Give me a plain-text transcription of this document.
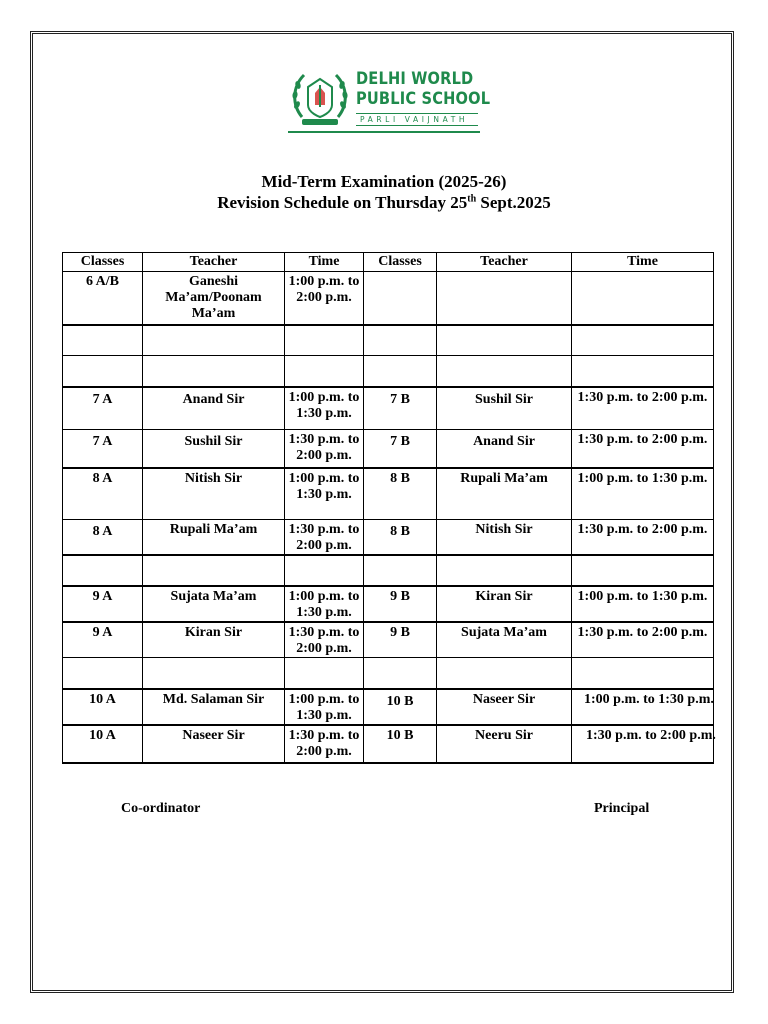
DELHI WORLD
PUBLIC SCHOOL
PARLI VAIJNATH
Mid-Term Examination (2025-26)
Revision Schedule on Thursday 25th Sept.2025
Classes	Teacher	Time	Classes	Teacher	Time
6 A/B	Ganeshi Ma’am/Poonam Ma’am	1:00 p.m. to 2:00 p.m.			

7 A	Anand Sir	1:00 p.m. to 1:30 p.m.	7 B	Sushil Sir	1:30 p.m. to 2:00 p.m.
7 A	Sushil Sir	1:30 p.m. to 2:00 p.m.	7 B	Anand Sir	1:30 p.m. to 2:00 p.m.
8 A	Nitish Sir	1:00 p.m. to 1:30 p.m.	8 B	Rupali Ma’am	1:00 p.m. to 1:30 p.m.
8 A	Rupali Ma’am	1:30 p.m. to 2:00 p.m.	8 B	Nitish Sir	1:30 p.m. to 2:00 p.m.

9 A	Sujata Ma’am	1:00 p.m. to 1:30 p.m.	9 B	Kiran Sir	1:00 p.m. to 1:30 p.m.
9 A	Kiran Sir	1:30 p.m. to 2:00 p.m.	9 B	Sujata Ma’am	1:30 p.m. to 2:00 p.m.

10 A	Md. Salaman Sir	1:00 p.m. to 1:30 p.m.	10 B	Naseer Sir	1:00 p.m. to 1:30 p.m.
10 A	Naseer Sir	1:30 p.m. to 2:00 p.m.	10 B	Neeru Sir	1:30 p.m. to 2:00 p.m.
Co-ordinator	Principal
